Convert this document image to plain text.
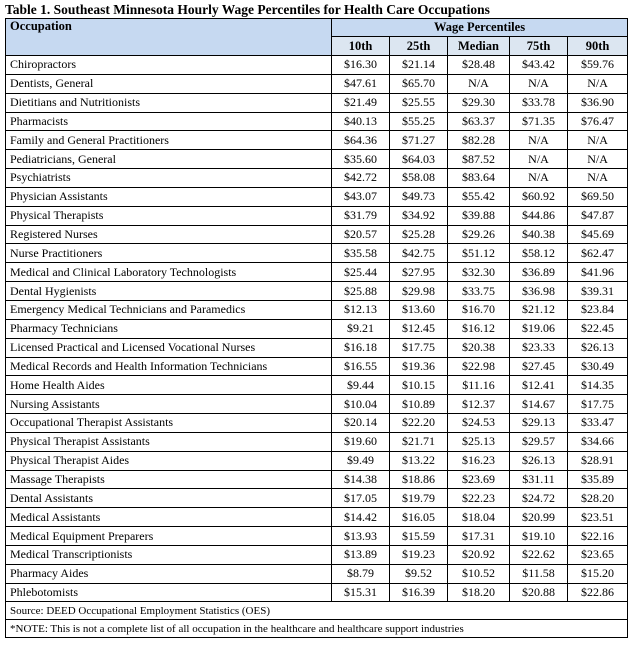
Table 1. Southeast Minnesota Hourly Wage Percentiles for Health Care Occupations
Occupation	Wage Percentiles				
	10th	25th	Median	75th	90th
Chiropractors	$16.30	$21.14	$28.48	$43.42	$59.76
Dentists, General	$47.61	$65.70	N/A	N/A	N/A
Dietitians and Nutritionists	$21.49	$25.55	$29.30	$33.78	$36.90
Pharmacists	$40.13	$55.25	$63.37	$71.35	$76.47
Family and General Practitioners	$64.36	$71.27	$82.28	N/A	N/A
Pediatricians, General	$35.60	$64.03	$87.52	N/A	N/A
Psychiatrists	$42.72	$58.08	$83.64	N/A	N/A
Physician Assistants	$43.07	$49.73	$55.42	$60.92	$69.50
Physical Therapists	$31.79	$34.92	$39.88	$44.86	$47.87
Registered Nurses	$20.57	$25.28	$29.26	$40.38	$45.69
Nurse Practitioners	$35.58	$42.75	$51.12	$58.12	$62.47
Medical and Clinical Laboratory Technologists	$25.44	$27.95	$32.30	$36.89	$41.96
Dental Hygienists	$25.88	$29.98	$33.75	$36.98	$39.31
Emergency Medical Technicians and Paramedics	$12.13	$13.60	$16.70	$21.12	$23.84
Pharmacy Technicians	$9.21	$12.45	$16.12	$19.06	$22.45
Licensed Practical and Licensed Vocational Nurses	$16.18	$17.75	$20.38	$23.33	$26.13
Medical Records and Health Information Technicians	$16.55	$19.36	$22.98	$27.45	$30.49
Home Health Aides	$9.44	$10.15	$11.16	$12.41	$14.35
Nursing Assistants	$10.04	$10.89	$12.37	$14.67	$17.75
Occupational Therapist Assistants	$20.14	$22.20	$24.53	$29.13	$33.47
Physical Therapist Assistants	$19.60	$21.71	$25.13	$29.57	$34.66
Physical Therapist Aides	$9.49	$13.22	$16.23	$26.13	$28.91
Massage Therapists	$14.38	$18.86	$23.69	$31.11	$35.89
Dental Assistants	$17.05	$19.79	$22.23	$24.72	$28.20
Medical Assistants	$14.42	$16.05	$18.04	$20.99	$23.51
Medical Equipment Preparers	$13.93	$15.59	$17.31	$19.10	$22.16
Medical Transcriptionists	$13.89	$19.23	$20.92	$22.62	$23.65
Pharmacy Aides	$8.79	$9.52	$10.52	$11.58	$15.20
Phlebotomists	$15.31	$16.39	$18.20	$20.88	$22.86
Source: DEED Occupational Employment Statistics (OES)					
*NOTE: This is not a complete list of all occupation in the healthcare and healthcare support industries					
